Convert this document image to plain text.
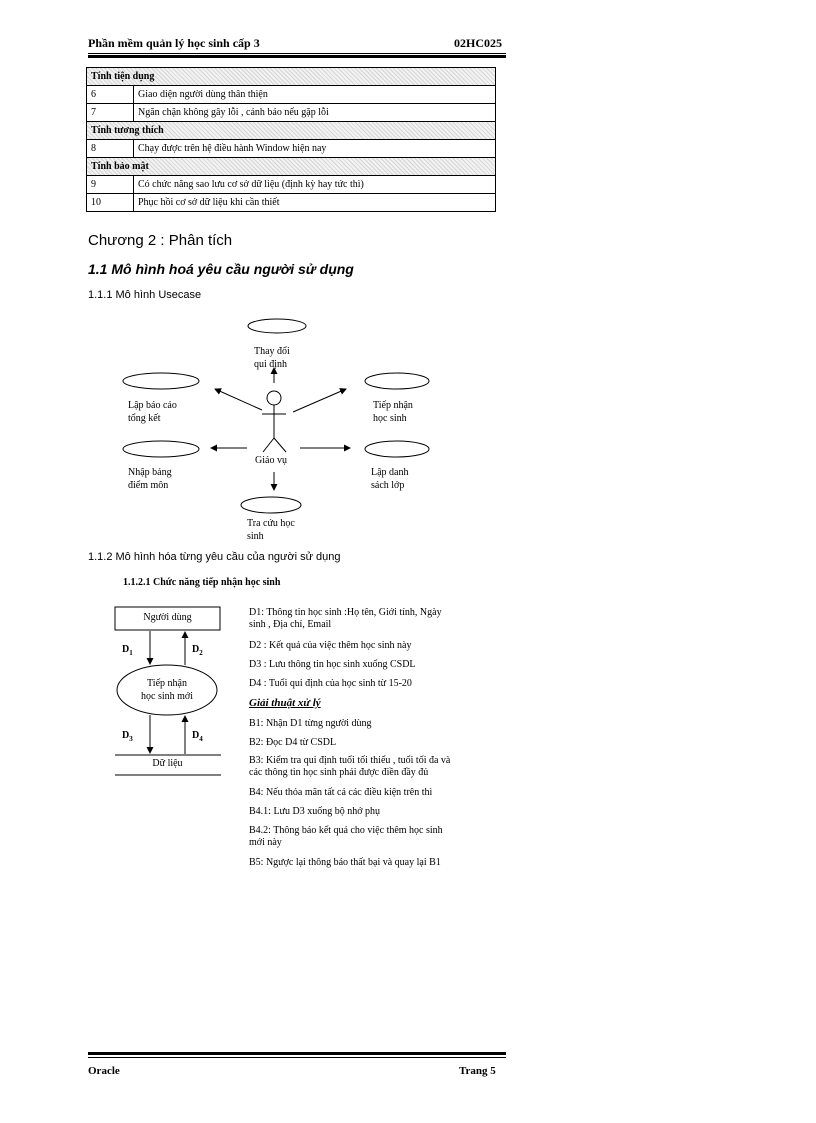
Phần mềm quản lý học sinh cấp 3	02HC025
Tính tiện dụng	
6	Giao diện người dùng thân thiện
7	Ngăn chặn không gây lỗi , cảnh báo nếu gặp lỗi
Tính tương thích	
8	Chạy được trên hệ điều hành Window hiện nay
Tính bảo mật	
9	Có chức năng sao lưu cơ sở dữ liệu (định kỳ hay tức thì)
10	Phục hồi cơ sở dữ liệu khi cần thiết
Chương 2 : Phân tích
1.1 Mô hình hoá yêu cầu người sử dụng
1.1.1 Mô hình Usecase
Thay đổi
qui định
Lập báo cáo
tổng kết
Tiếp nhận
học sinh
Giáo vụ
Nhập bảng
điểm môn
Lập danh
sách lớp
Tra cứu học
sinh
1.1.2 Mô hình hóa từng yêu cầu của người sử dụng
1.1.2.1 Chức năng tiếp nhận học sinh
Người dùng
Tiếp nhận
học sinh mới
Dữ liệu
$D_1$	$D_2$
$D_3$	$D_4$
D1: Thông tin học sinh :Họ tên, Giới tính, Ngày
sinh , Địa chỉ, Email
D2 : Kết quả của việc thêm học sinh này
D3 : Lưu thông tin học sinh xuống CSDL
D4 : Tuổi qui định của học sinh từ 15-20
Giải thuật xử lý
B1: Nhận D1 từng người dùng
B2: Đọc D4 từ CSDL
B3: Kiểm tra qui định tuổi tối thiểu , tuổi tối đa và
các thông tin học sinh phải được điền đầy đủ
B4: Nếu thỏa mãn tất cả các điều kiện trên thì
B4.1: Lưu D3 xuống bộ nhớ phụ
B4.2: Thông báo kết quả cho việc thêm học sinh
mới này
B5: Ngược lại thông báo thất bại và quay lại B1
Oracle	Trang 5
